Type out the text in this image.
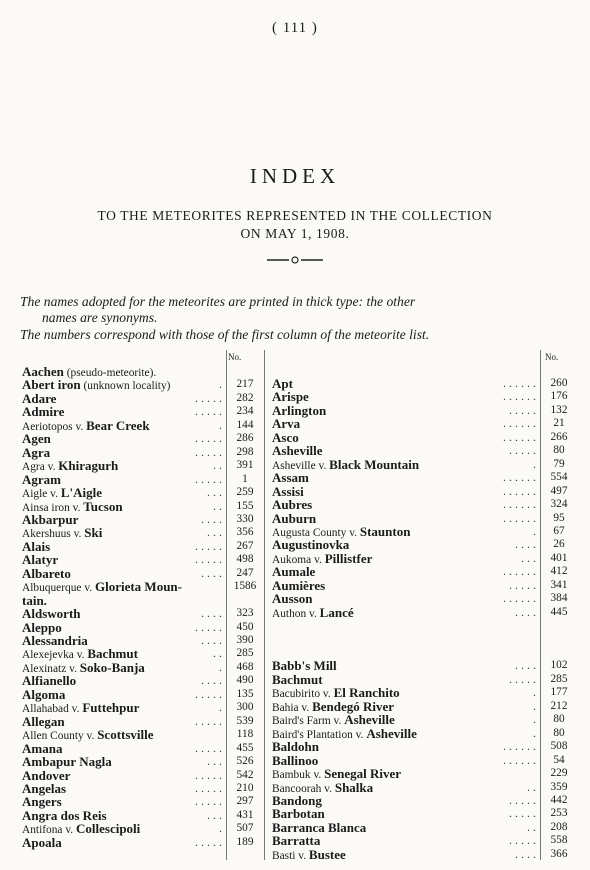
( 111 )
INDEX
TO THE METEORITES REPRESENTED IN THE COLLECTION
ON MAY 1, 1908.
The names adopted for the meteorites are printed in thick type: the other
names are synonyms.
The numbers correspond with those of the first column of the meteorite list.
No.	No.
Aachen (pseudo-meteorite).
Abert iron (unknown locality)	.	217
Adare	. . . . .	282
Admire	. . . . .	234
Aeriotopos v. Bear Creek	.	144
Agen	. . . . .	286
Agra	. . . . .	298
Agra v. Khiragurh	. .	391
Agram	. . . . .	1
Aigle v. L'Aigle	. . .	259
Ainsa iron v. Tucson	. .	155
Akbarpur	. . . .	330
Akershuus v. Ski	. . .	356
Alais	. . . . .	267
Alatyr	. . . . .	498
Albareto	. . . .	247
Albuquerque v. Glorieta Moun-	1586
tain.
Aldsworth	. . . .	323
Aleppo	. . . . .	450
Alessandria	. . . .	390
Alexejevka v. Bachmut	. .	285
Alexinatz v. Soko-Banja	.	468
Alfianello	. . . .	490
Algoma	. . . . .	135
Allahabad v. Futtehpur	.	300
Allegan	. . . . .	539
Allen County v. Scottsville	118
Amana	. . . . .	455
Ambapur Nagla	. . .	526
Andover	. . . . .	542
Angelas	. . . . .	210
Angers	. . . . .	297
Angra dos Reis	. . .	431
Antifona v. Collescipoli	.	507
Apoala	. . . . .	189
Apt	. . . . . .	260
Arispe	. . . . . .	176
Arlington	. . . . .	132
Arva	. . . . . .	21
Asco	. . . . . .	266
Asheville	. . . . .	80
Asheville v. Black Mountain	.	79
Assam	. . . . . .	554
Assisi	. . . . . .	497
Aubres	. . . . . .	324
Auburn	. . . . . .	95
Augusta County v. Staunton	.	67
Augustinovka	. . . .	26
Aukoma v. Pillistfer	. . .	401
Aumale	. . . . . .	412
Aumières	. . . . .	341
Ausson	. . . . . .	384
Authon v. Lancé	. . . .	445
Babb's Mill	. . . .	102
Bachmut	. . . . .	285
Bacubirito v. El Ranchito	.	177
Bahia v. Bendegó River	.	212
Baird's Farm v. Asheville	.	80
Baird's Plantation v. Asheville	.	80
Baldohn	. . . . . .	508
Ballinoo	. . . . . .	54
Bambuk v. Senegal River	229
Bancoorah v. Shalka	. .	359
Bandong	. . . . .	442
Barbotan	. . . . .	253
Barranca Blanca	. .	208
Barratta	. . . . .	558
Basti v. Bustee	. . . .	366
